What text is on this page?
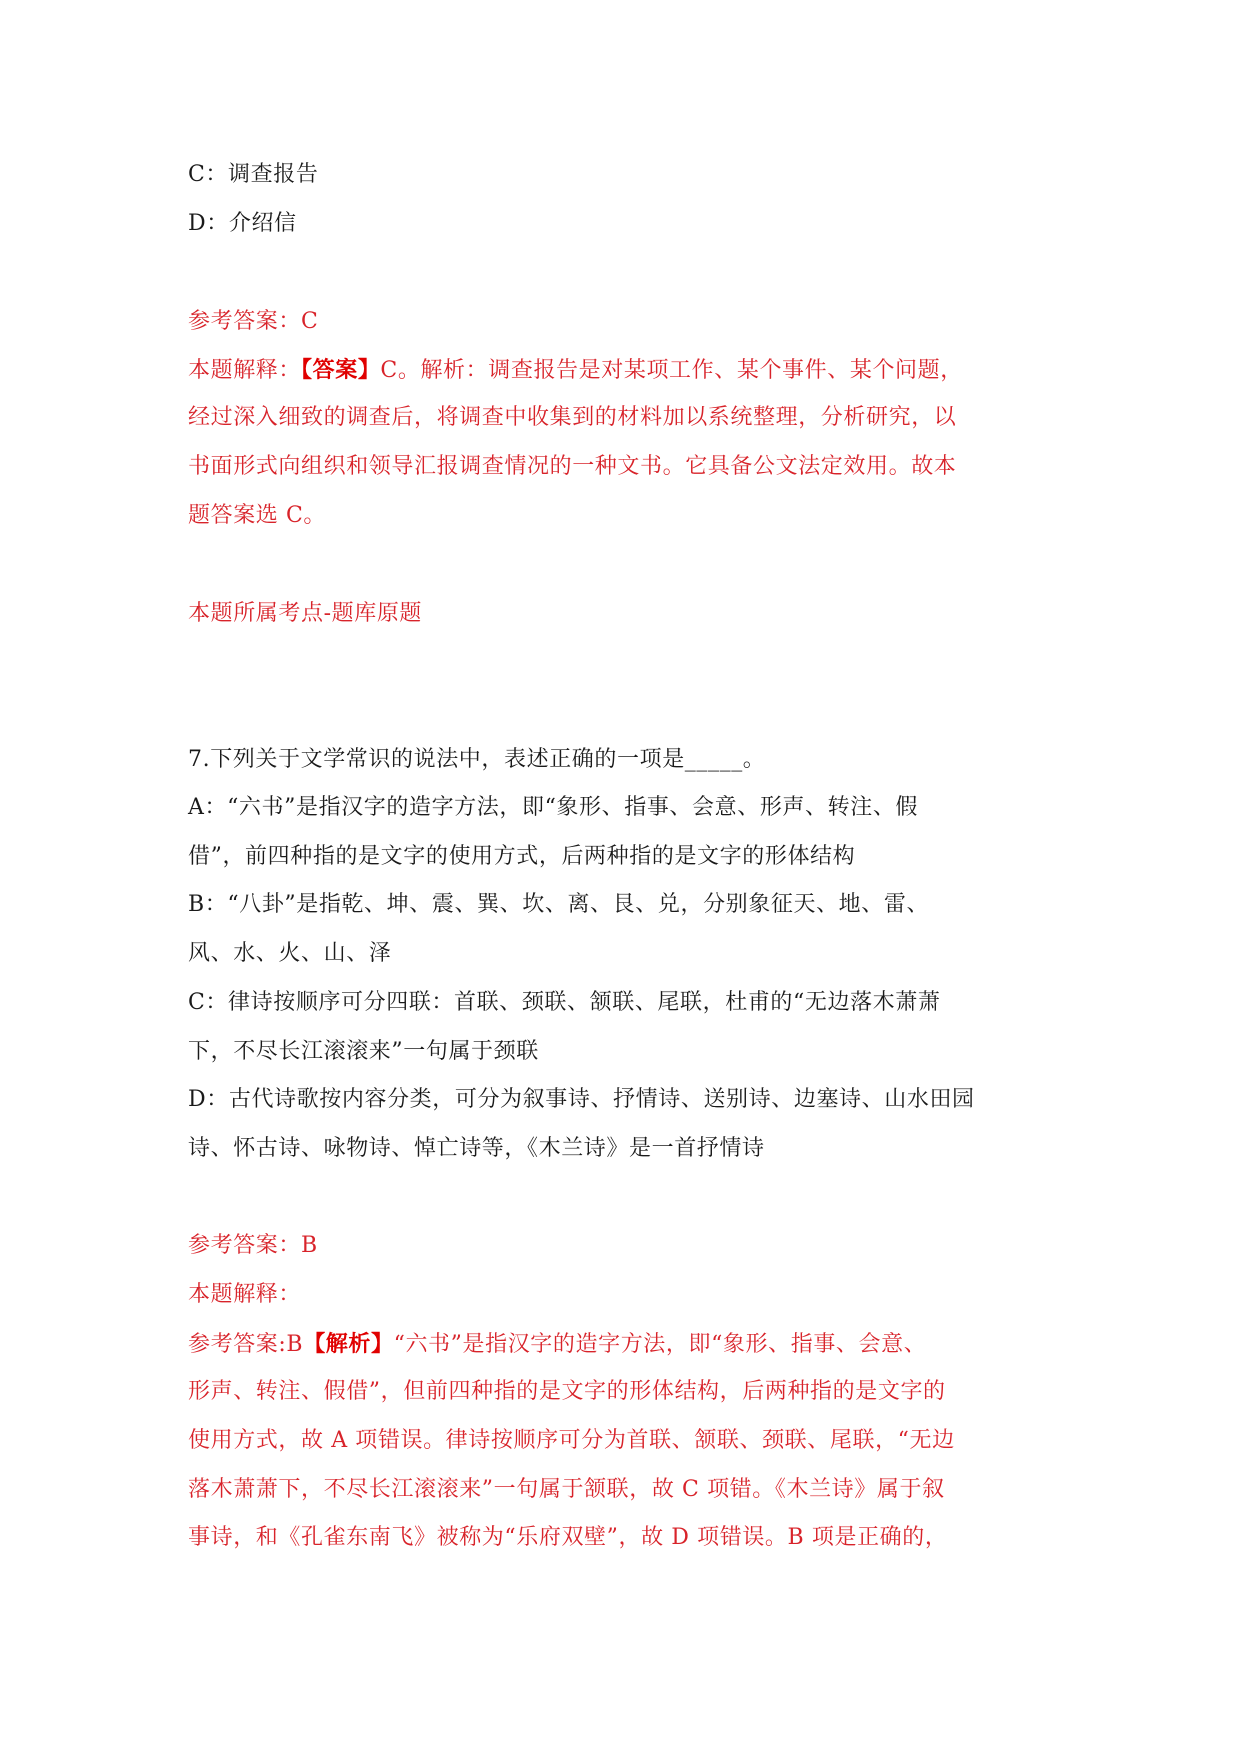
C：调查报告
D：介绍信
参考答案：C
本题解释：【答案】C。解析：调查报告是对某项工作、某个事件、某个问题，
经过深入细致的调查后，将调查中收集到的材料加以系统整理，分析研究，以
书面形式向组织和领导汇报调查情况的一种文书。它具备公文法定效用。故本
题答案选 C。
本题所属考点-题库原题
7.下列关于文学常识的说法中，表述正确的一项是_____。
A：“六书”是指汉字的造字方法，即“象形、指事、会意、形声、转注、假
借”，前四种指的是文字的使用方式，后两种指的是文字的形体结构
B：“八卦”是指乾、坤、震、巽、坎、离、艮、兑，分别象征天、地、雷、
风、水、火、山、泽
C：律诗按顺序可分四联：首联、颈联、颔联、尾联，杜甫的“无边落木萧萧
下，不尽长江滚滚来”一句属于颈联
D：古代诗歌按内容分类，可分为叙事诗、抒情诗、送别诗、边塞诗、山水田园
诗、怀古诗、咏物诗、悼亡诗等，《木兰诗》是一首抒情诗
参考答案：B
本题解释：
参考答案:B【解析】“六书”是指汉字的造字方法，即“象形、指事、会意、
形声、转注、假借”，但前四种指的是文字的形体结构，后两种指的是文字的
使用方式，故 A 项错误。律诗按顺序可分为首联、颔联、颈联、尾联，“无边
落木萧萧下，不尽长江滚滚来”一句属于颔联，故 C 项错。《木兰诗》属于叙
事诗，和《孔雀东南飞》被称为“乐府双壁”，故 D 项错误。B 项是正确的，
